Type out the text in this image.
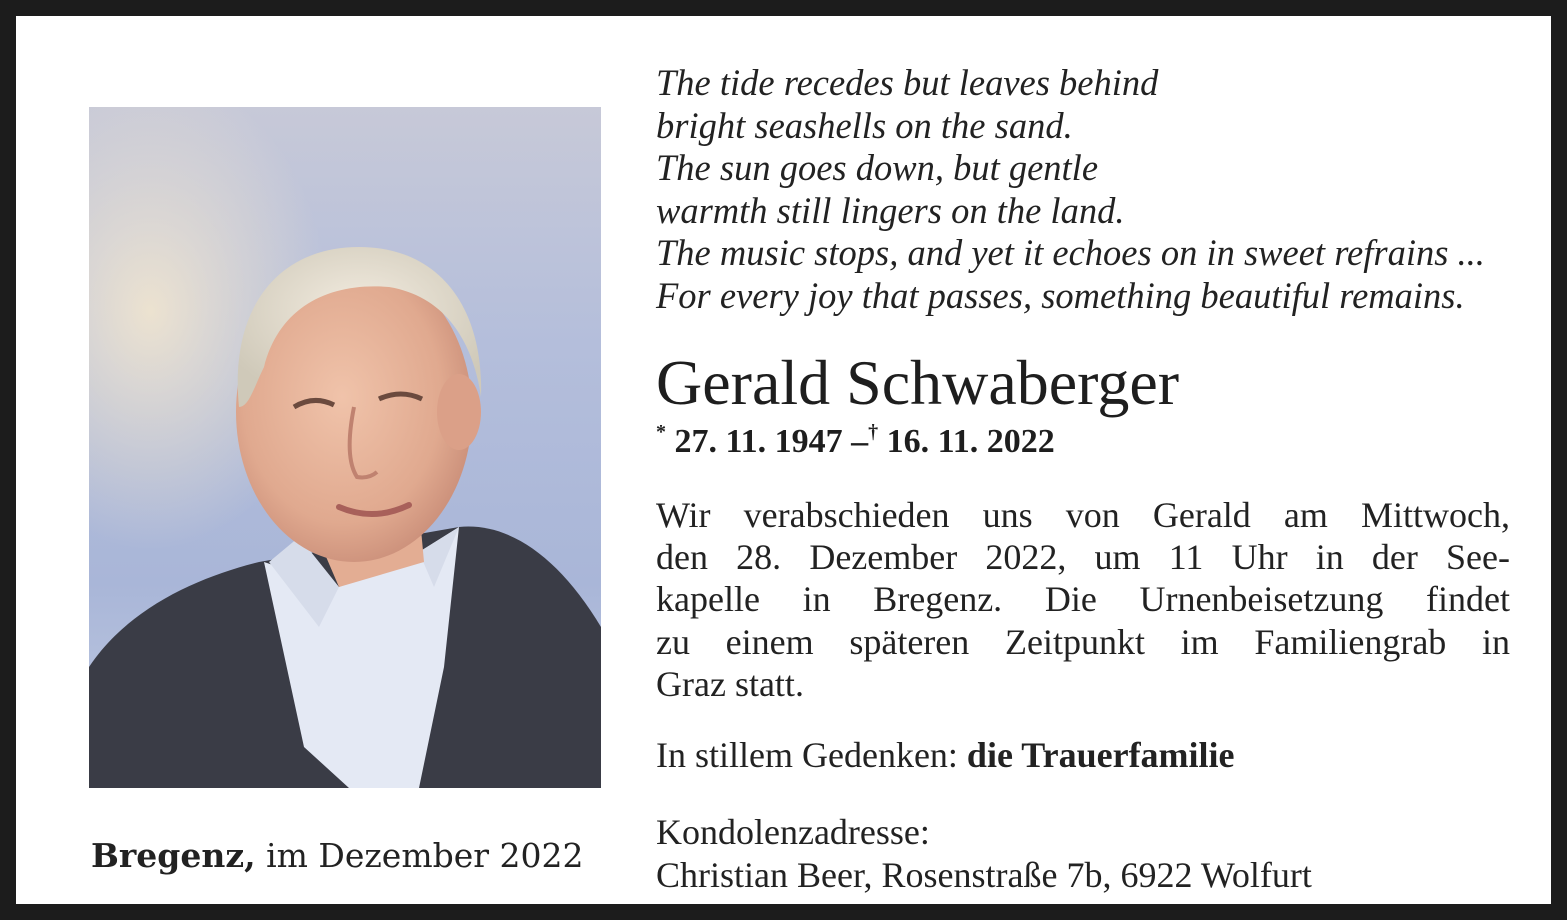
The tide recedes but leaves behind
bright seashells on the sand.
The sun goes down, but gentle
warmth still lingers on the land.
The music stops, and yet it echoes on in sweet refrains ...
For every joy that passes, something beautiful remains.
Gerald Schwaberger
* 27. 11. 1947 –† 16. 11. 2022
Wir verabschieden uns von Gerald am Mittwoch,
den 28. Dezember 2022, um 11 Uhr in der See-
kapelle in Bregenz. Die Urnenbeisetzung findet
zu einem späteren Zeitpunkt im Familiengrab in
Graz statt.
In stillem Gedenken: die Trauerfamilie
Kondolenzadresse:
Christian Beer, Rosenstraße 7b, 6922 Wolfurt
Bregenz, im Dezember 2022
